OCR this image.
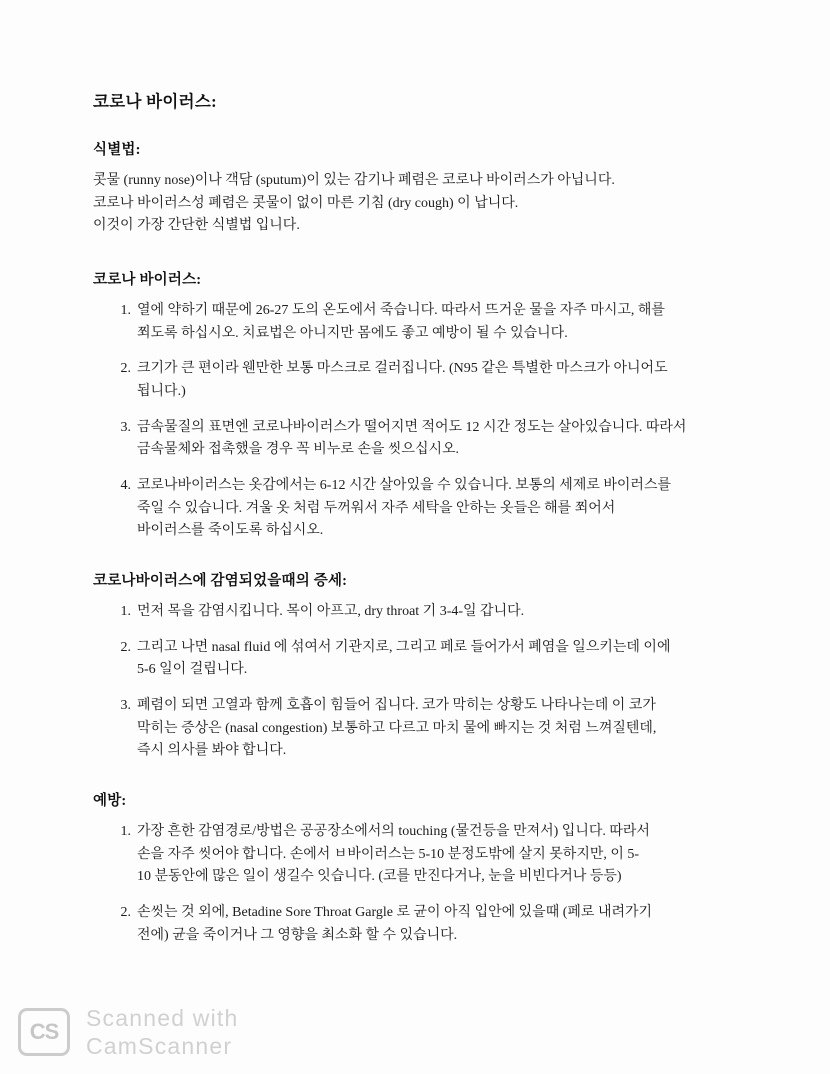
코로나 바이러스:
식별법:

콧물 (runny nose)이나 객담 (sputum)이 있는 감기나 폐렴은 코로나 바이러스가 아닙니다.

코로나 바이러스성 폐렴은 콧물이 없이 마른 기침 (dry cough) 이 납니다.

이것이 가장 간단한 식별법 입니다.

코로나 바이러스:
1. 열에 약하기 때문에 26-27 도의 온도에서 죽습니다. 따라서 뜨거운 물을 자주 마시고, 해를
쬐도록 하십시오. 치료법은 아니지만 몸에도 좋고 예방이 될 수 있습니다.
2. 크기가 큰 편이라 웬만한 보통 마스크로 걸러집니다. (N95 같은 특별한 마스크가 아니어도
됩니다.)
3. 금속물질의 표면엔 코로나바이러스가 떨어지면 적어도 12 시간 정도는 살아있습니다. 따라서
금속물체와 접촉했을 경우 꼭 비누로 손을 씻으십시오.
4. 코로나바이러스는 옷감에서는 6-12 시간 살아있을 수 있습니다. 보통의 세제로 바이러스를
죽일 수 있습니다. 겨울 옷 처럼 두꺼워서 자주 세탁을 안하는 옷들은 해를 쬐어서
바이러스를 죽이도록 하십시오.
코로나바이러스에 감염되었을때의 증세:
1. 먼저 목을 감염시킵니다. 목이 아프고, dry throat 기 3-4-일 갑니다.
2. 그리고 나면 nasal fluid 에 섞여서 기관지로, 그리고 페로 들어가서 폐염을 일으키는데 이에
5-6 일이 걸립니다.
3. 폐렴이 되면 고열과 함께 호흡이 힘들어 집니다. 코가 막히는 상황도 나타나는데 이 코가
막히는 증상은 (nasal congestion) 보통하고 다르고 마치 물에 빠지는 것 처럼 느껴질텐데,
즉시 의사를 봐야 합니다.
예방:
1. 가장 흔한 감염경로/방법은 공공장소에서의 touching (물건등을 만져서) 입니다. 따라서
손을 자주 씻어야 합니다. 손에서 ㅂ바이러스는 5-10 분정도밖에 살지 못하지만, 이 5-
10 분동안에 많은 일이 생길수 잇습니다. (코를 만진다거나, 눈을 비빈다거나 등등)
2. 손씻는 것 외에, Betadine Sore Throat Gargle 로 균이 아직 입안에 있을때 (페로 내려가기
전에) 균을 죽이거나 그 영향을 최소화 할 수 있습니다.
CS
Scanned with
CamScanner
